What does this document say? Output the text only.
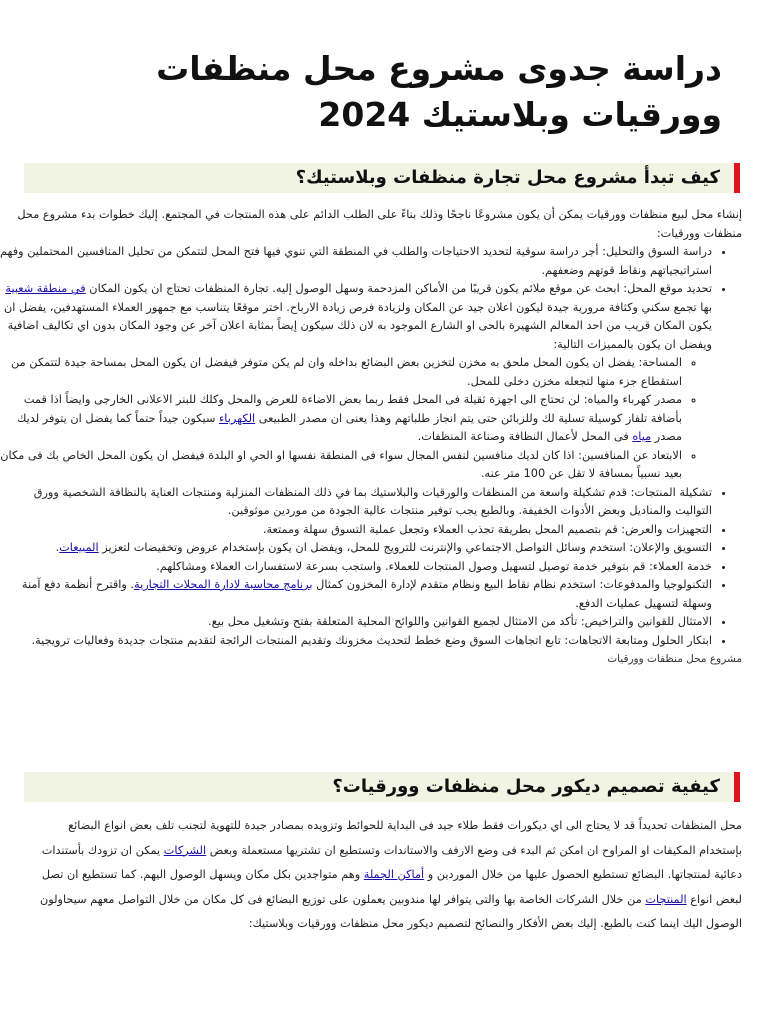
دراسة جدوى مشروع محل منظفات وورقيات وبلاستيك 2024
كيف تبدأ مشروع محل تجارة منظفات وبلاستيك؟

إنشاء محل لبيع منظفات وورقيات يمكن أن يكون مشروعًا ناجحًا وذلك بناءً على الطلب الدائم على هذه المنتجات في المجتمع. إليك خطوات بدء مشروع محل منظفات وورقيات:

• دراسة السوق والتحليل: أجر دراسة سوقية لتحديد الاحتياجات والطلب في المنطقة التي تنوي فيها فتح المحل لتتمكن من تحليل المنافسين المحتملين وفهم استراتيجياتهم ونقاط قوتهم وضعفهم.
• تحديد موقع المحل: ابحث عن موقع ملائم يكون قريبًا من الأماكن المزدحمة وسهل الوصول إليه. تجارة المنظفات تحتاج ان يكون المكان في منطقة شعبية بها تجمع سكني وكثافة مرورية جيدة ليكون اعلان جيد عن المكان ولزيادة فرص زيادة الارباح. اختر موقعًا يتناسب مع جمهور العملاء المستهدفين، يفضل ان يكون المكان قريب من احد المعالم الشهيرة بالحى او الشارع الموجود به لان ذلك سيكون إيضاً بمثابة اعلان آخر عن وجود المكان بدون اي تكاليف اضافية ويفضل ان يكون بالمميزات التالية:
◦ المساحة: يفضل ان يكون المحل ملحق به مخزن لتخزين بعض البضائع بداخله وان لم يكن متوفر فيفضل ان يكون المحل بمساحة جيدة لتتمكن من استقطاع جزء منها لتجعله مخزن دخلى للمحل.
◦ مصدر كهرباء والمياه: لن تحتاج الى اجهزة ثقيلة فى المحل فقط ربما بعض الاضاءة للعرض والمحل وكلك للبنر الاعلانى الخارجى وايضاً اذا قمت بأضافة تلفاز كوسيلة تسلية لك وللزبائن حتى يتم انجاز طلباتهم وهذا يعنى ان مصدر الطبيعى الكهرباء سيكون جيداً حتماً كما يفضل ان يتوفر لديك مصدر مياه فى المحل لأعمال النظافة وصناعة المنظفات.
◦ الابتعاد عن المنافسين: اذا كان لديك منافسين لنفس المجال سواء فى المنطقة نفسها او الحي او البلدة فيفضل ان يكون المحل الخاص بك فى مكان بعيد نسبياً بمسافة لا تقل عن 100 متر عنه.
• تشكيلة المنتجات: قدم تشكيلة واسعة من المنظفات والورقيات والبلاستيك بما في ذلك المنظفات المنزلية ومنتجات العناية بالنظافة الشخصية وورق التواليت والمناديل وبعض الأدوات الخفيفة. وبالطبع يجب توفير منتجات عالية الجودة من موردين موثوقين.
• التجهيزات والعرض: قم بتصميم المحل بطريقة تجذب العملاء وتجعل عملية التسوق سهلة وممتعة.
• التسويق والإعلان: استخدم وسائل التواصل الاجتماعي والإنترنت للترويج للمحل، ويفضل ان يكون بإستخدام عروض وتخفيضات لتعزيز المبيعات.
• خدمة العملاء: قم بتوفير خدمة توصيل لتسهيل وصول المنتجات للعملاء. واستجب بسرعة لاستفسارات العملاء ومشاكلهم.
• التكنولوجيا والمدفوعات: استخدم نظام نقاط البيع ونظام متقدم لإدارة المخزون كمثال برنامج محاسبة لادارة المحلات التجارية. واقترح أنظمة دفع آمنة وسهلة لتسهيل عمليات الدفع.
• الامتثال للقوانين والتراخيص: تأكد من الامتثال لجميع القوانين واللوائح المحلية المتعلقة بفتح وتشغيل محل بيع.
• ابتكار الحلول ومتابعة الاتجاهات: تابع اتجاهات السوق وضع خطط لتحديث مخزونك وتقديم المنتجات الرائجة لتقديم منتجات جديدة وفعاليات ترويجية.
مشروع محل منظفات وورقيات
كيفية تصميم ديكور محل منظفات وورقيات؟

محل المنظفات تحديداً قد لا يحتاج الى اي ديكورات فقط طلاء جيد فى البداية للحوائط وتزويده بمصادر جيدة للتهوية لتجنب تلف بعض انواع البضائع بإستخدام المكيفات او المراوح ان امكن ثم البدء فى وضع الارفف والاستاندات وتستطيع ان تشتريها مستعملة وبعض الشركات يمكن ان تزودك بأستندات دعائية لمنتجاتها. البضائع تستطيع الحصول عليها من خلال الموردين و أماكن الجملة وهم متواجدين بكل مكان ويسهل الوصول اليهم. كما تستطيع ان تصل لبعض انواع المنتجات من خلال الشركات الخاصة بها والتى يتوافر لها مندوبين يعملون على توزيع البضائع فى كل مكان من خلال التواصل معهم سيحاولون الوصول اليك اينما كنت بالطبع. إليك بعض الأفكار والنصائح لتصميم ديكور محل منظفات وورقيات وبلاستيك:
